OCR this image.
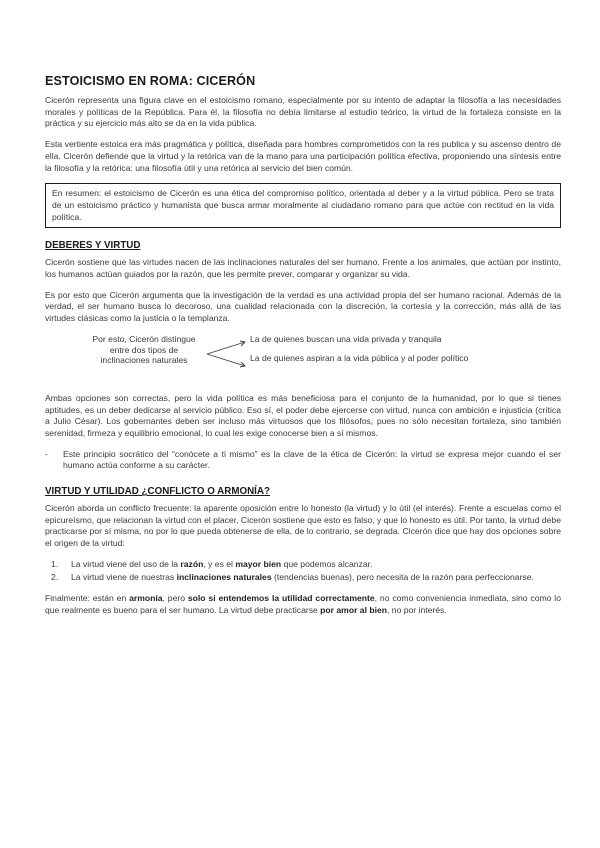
ESTOICISMO EN ROMA: CICERÓN

Cicerón representa una figura clave en el estoicismo romano, especialmente por su intento de adaptar la filosofía a las necesidades morales y políticas de la República. Para él, la filosofía no debía limitarse al estudio teórico, la virtud de la fortaleza consiste en la práctica y su ejercicio más alto se da en la vida pública.

Esta vertiente estoica era más pragmática y política, diseñada para hombres comprometidos con la res publica y su ascenso dentro de ella. Cicerón defiende que la virtud y la retórica van de la mano para una participación política efectiva, proponiendo una síntesis entre la filosofía y la retórica: una filosofía útil y una retórica al servicio del bien común.

En resumen: el estoicismo de Cicerón es una ética del compromiso político, orientada al deber y a la virtud pública. Pero se trata de un estoicismo práctico y humanista que busca armar moralmente al ciudadano romano para que actúe con rectitud en la vida política.

DEBERES Y VIRTUD

Cicerón sostiene que las virtudes nacen de las inclinaciones naturales del ser humano. Frente a los animales, que actúan por instinto, los humanos actúan guiados por la razón, que les permite prever, comparar y organizar su vida.

Es por esto que Cicerón argumenta que la investigación de la verdad es una actividad propia del ser humano racional. Además de la verdad, el ser humano busca lo decoroso, una cualidad relacionada con la discreción, la cortesía y la corrección, más allá de las virtudes clásicas como la justicia o la templanza.

Por esto, Cicerón distingue entre dos tipos de inclinaciones naturales

La de quienes buscan una vida privada y tranquila

La de quienes aspiran a la vida pública y al poder político

Ambas opciones son correctas, pero la vida política es más beneficiosa para el conjunto de la humanidad, por lo que si tienes aptitudes, es un deber dedicarse al servicio público. Eso sí, el poder debe ejercerse con virtud, nunca con ambición e injusticia (crítica a Julio César). Los gobernantes deben ser incluso más virtuosos que los filósofos, pues no sólo necesitan fortaleza, sino también serenidad, firmeza y equilibrio emocional, lo cual les exige conocerse bien a sí mismos.

-	Este principio socrático del “conócete a ti mismo” es la clave de la ética de Cicerón: la virtud se expresa mejor cuando el ser humano actúa conforme a su carácter.

VIRTUD Y UTILIDAD ¿CONFLICTO O ARMONÍA?

Cicerón aborda un conflicto frecuente: la aparente oposición entre lo honesto (la virtud) y lo útil (el interés). Frente a escuelas como el epicureísmo, que relacionan la virtud con el placer, Cicerón sostiene que esto es falso, y que lo honesto es útil. Por tanto, la virtud debe practicarse por sí misma, no por lo que pueda obtenerse de ella, de lo contrario, se degrada. Cicerón dice que hay dos opciones sobre el origen de la virtud:

1.	La virtud viene del uso de la razón, y es el mayor bien que podemos alcanzar.
2.	La virtud viene de nuestras inclinaciones naturales (tendencias buenas), pero necesita de la razón para perfeccionarse.

Finalmente: están en armonía, pero solo si entendemos la utilidad correctamente, no como conveniencia inmediata, sino como lo que realmente es bueno para el ser humano. La virtud debe practicarse por amor al bien, no por interés.
